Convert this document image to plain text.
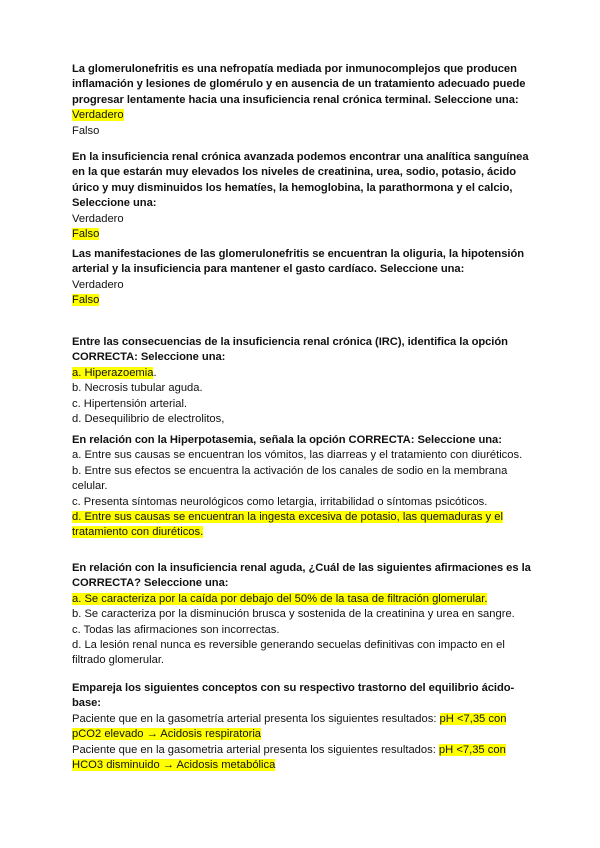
La glomerulonefritis es una nefropatía mediada por inmunocomplejos que producen inflamación y lesiones de glomérulo y en ausencia de un tratamiento adecuado puede progresar lentamente hacia una insuficiencia renal crónica terminal. Seleccione una:

Verdadero

Falso

En la insuficiencia renal crónica avanzada podemos encontrar una analítica sanguínea en la que estarán muy elevados los niveles de creatinina, urea, sodio, potasio, ácido úrico y muy disminuidos los hematíes, la hemoglobina, la parathormona y el calcio, Seleccione una:

Verdadero

Falso

Las manifestaciones de las glomerulonefritis se encuentran la oliguria, la hipotensión arterial y la insuficiencia para mantener el gasto cardíaco. Seleccione una:

Verdadero

Falso

Entre las consecuencias de la insuficiencia renal crónica (IRC), identifica la opción CORRECTA: Seleccione una:

a. Hiperazoemia.

b. Necrosis tubular aguda.

c. Hipertensión arterial.

d. Desequilibrio de electrolitos,

En relación con la Hiperpotasemia, señala la opción CORRECTA: Seleccione una:

a. Entre sus causas se encuentran los vómitos, las diarreas y el tratamiento con diuréticos.

b. Entre sus efectos se encuentra la activación de los canales de sodio en la membrana celular.

c. Presenta síntomas neurológicos como letargia, irritabilidad o síntomas psicóticos.

d. Entre sus causas se encuentran la ingesta excesiva de potasio, las quemaduras y el tratamiento con diuréticos.

En relación con la insuficiencia renal aguda, ¿Cuál de las siguientes afirmaciones es la CORRECTA? Seleccione una:

a. Se caracteriza por la caída por debajo del 50% de la tasa de filtración glomerular.

b. Se caracteriza por la disminución brusca y sostenida de la creatinina y urea en sangre.

c. Todas las afirmaciones son incorrectas.

d. La lesión renal nunca es reversible generando secuelas definitivas con impacto en el filtrado glomerular.

Empareja los siguientes conceptos con su respectivo trastorno del equilibrio ácido-base:

Paciente que en la gasometría arterial presenta los siguientes resultados: pH <7,35 con pCO2 elevado → Acidosis respiratoria

Paciente que en la gasometria arterial presenta los siguientes resultados: pH <7,35 con HCO3 disminuido → Acidosis metabólica
